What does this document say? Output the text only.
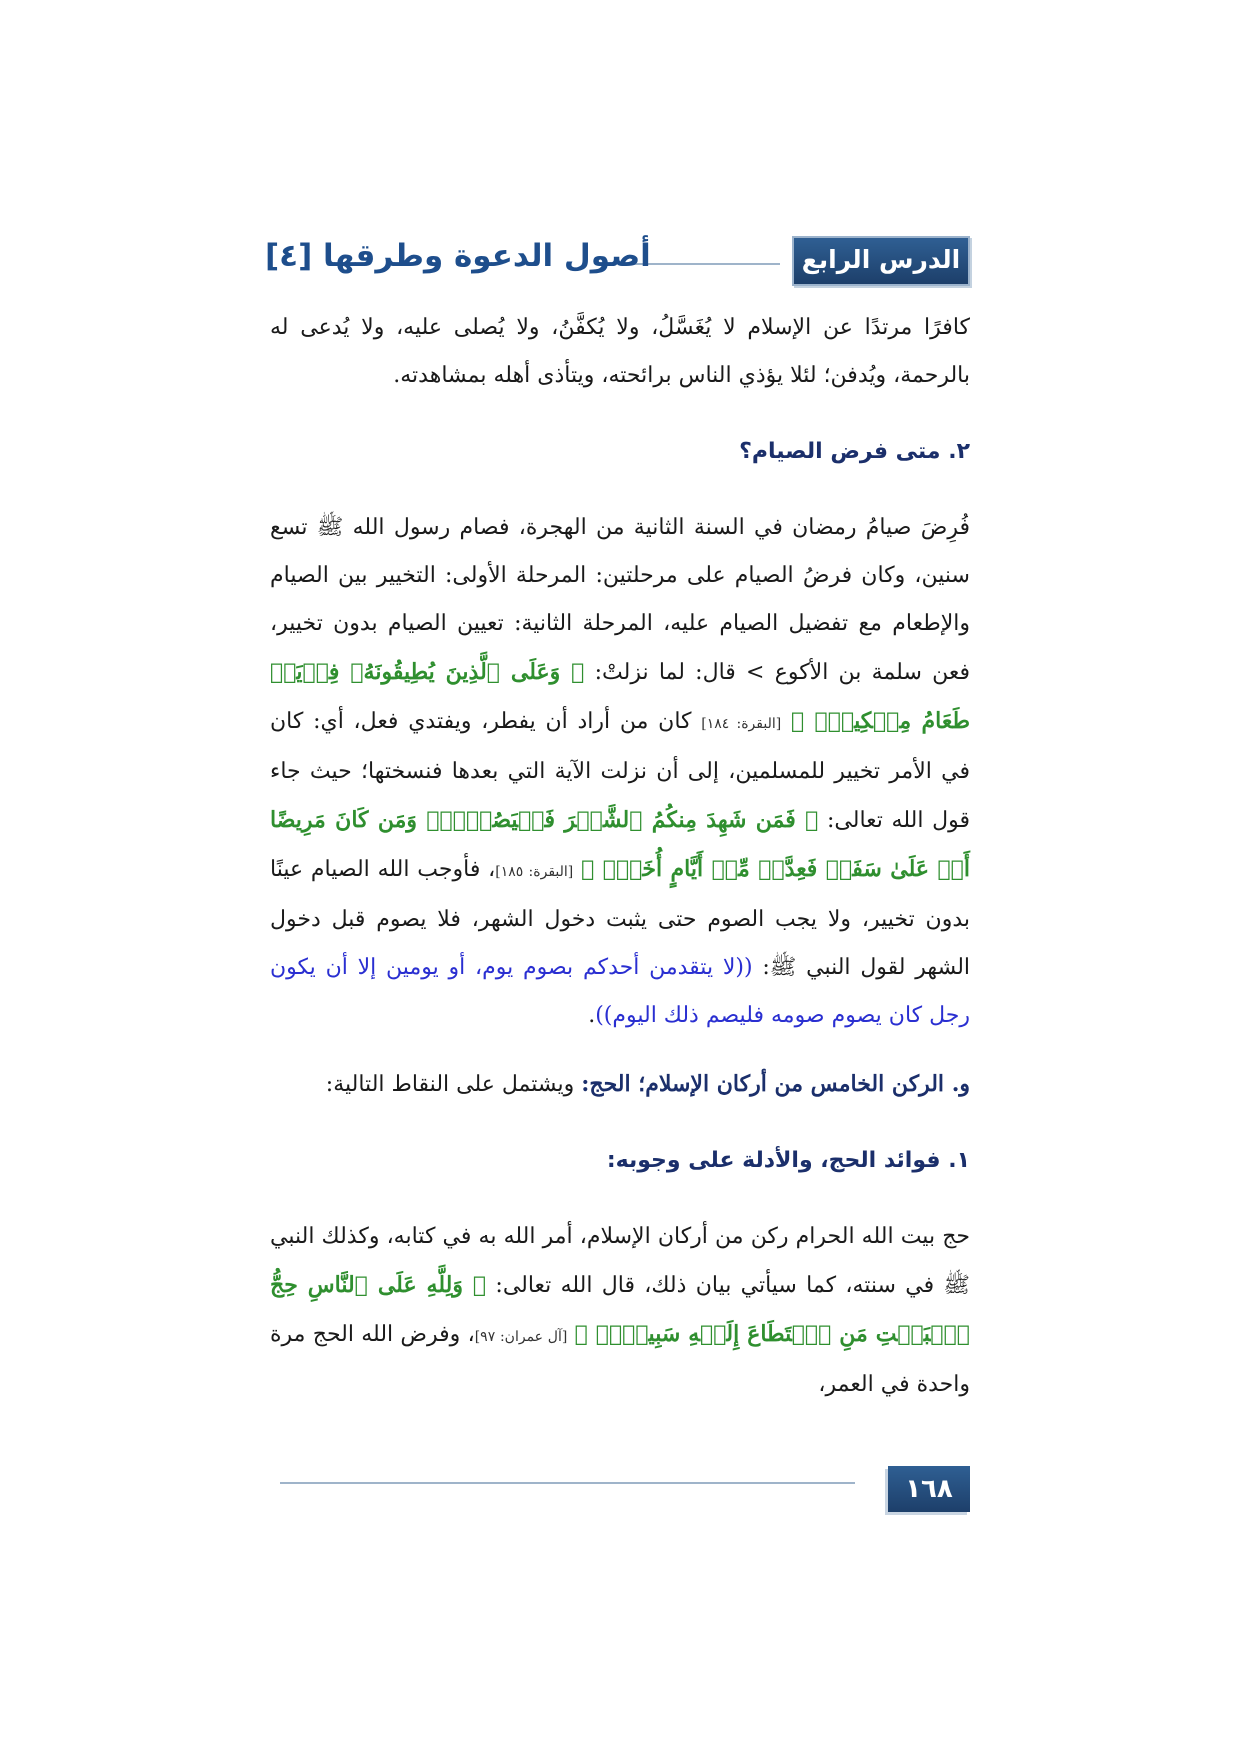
الدرس الرابع
أصول الدعوة وطرقها [٤]

كافرًا مرتدًا عن الإسلام لا يُغَسَّلُ، ولا يُكفَّنُ، ولا يُصلى عليه، ولا يُدعى له بالرحمة، ويُدفن؛ لئلا يؤذي الناس برائحته، ويتأذى أهله بمشاهدته.

٢. متى فرض الصيام؟

فُرِضَ صيامُ رمضان في السنة الثانية من الهجرة، فصام رسول الله ﷺ تسع سنين، وكان فرضُ الصيام على مرحلتين: المرحلة الأولى: التخيير بين الصيام والإطعام مع تفضيل الصيام عليه، المرحلة الثانية: تعيين الصيام بدون تخيير، فعن سلمة بن الأكوع > قال: لما نزلتْ: ﴿ وَعَلَى ٱلَّذِينَ يُطِيقُونَهُۥ فِدۡيَةٞ طَعَامُ مِسۡكِينٖۖ ﴾ [البقرة: ١٨٤] كان من أراد أن يفطر، ويفتدي فعل، أي: كان في الأمر تخيير للمسلمين، إلى أن نزلت الآية التي بعدها فنسختها؛ حيث جاء قول الله تعالى: ﴿ فَمَن شَهِدَ مِنكُمُ ٱلشَّهۡرَ فَلۡيَصُمۡهُۖ وَمَن كَانَ مَرِيضًا أَوۡ عَلَىٰ سَفَرٖ فَعِدَّةٞ مِّنۡ أَيَّامٍ أُخَرَۗ ﴾ [البقرة: ١٨٥]، فأوجب الله الصيام عينًا بدون تخيير، ولا يجب الصوم حتى يثبت دخول الشهر، فلا يصوم قبل دخول الشهر لقول النبي ﷺ: ((لا يتقدمن أحدكم بصوم يوم، أو يومين إلا أن يكون رجل كان يصوم صومه فليصم ذلك اليوم)).

و. الركن الخامس من أركان الإسلام؛ الحج: ويشتمل على النقاط التالية:

١. فوائد الحج، والأدلة على وجوبه:

حج بيت الله الحرام ركن من أركان الإسلام، أمر الله به في كتابه، وكذلك النبي ﷺ في سنته، كما سيأتي بيان ذلك، قال الله تعالى: ﴿ وَلِلَّهِ عَلَى ٱلنَّاسِ حِجُّ ٱلۡبَيۡتِ مَنِ ٱسۡتَطَاعَ إِلَيۡهِ سَبِيلٗاۚ ﴾ [آل عمران: ٩٧]، وفرض الله الحج مرة واحدة في العمر،

١٦٨
